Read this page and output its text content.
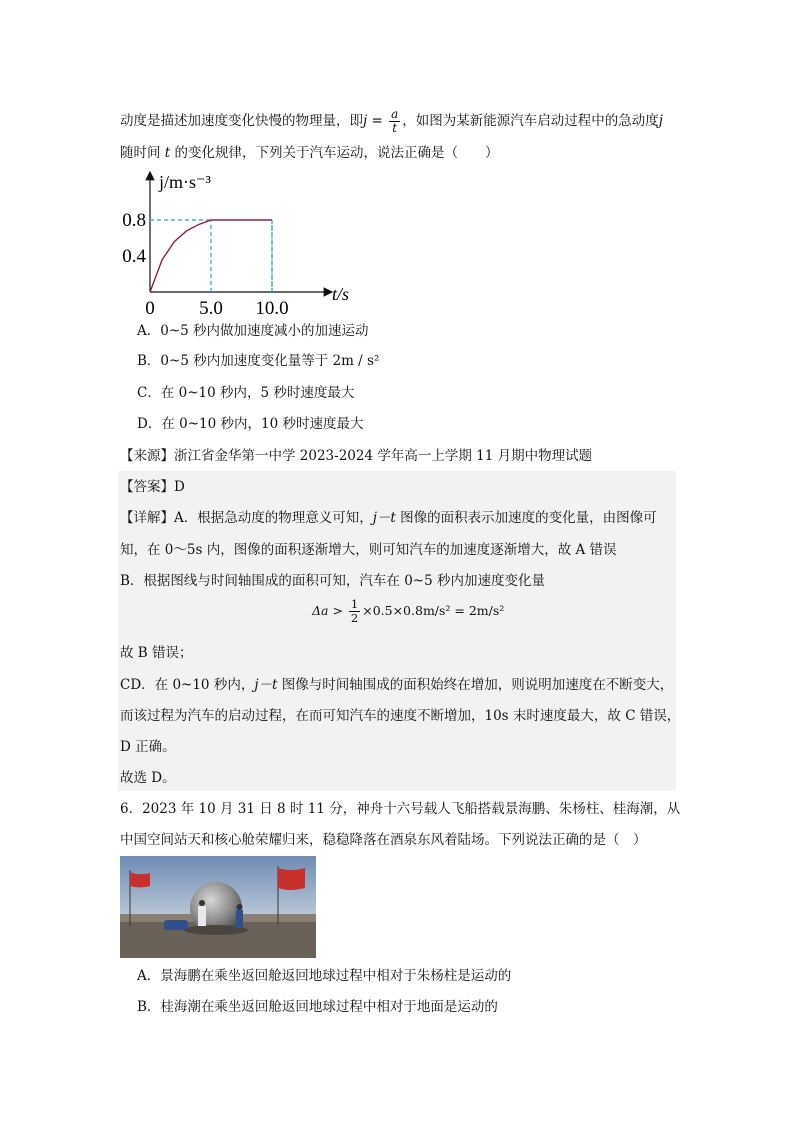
动度是描述加速度变化快慢的物理量，即$j = \frac{a}{t}$ ，如图为某新能源汽车启动过程中的急动度j
随时间 t 的变化规律，下列关于汽车运动，说法正确是（　　）
0 5.0 10.0
0.4
0.8
j/m·s⁻³
t/s
A．0~5 秒内做加速度减小的加速运动
B．0~5 秒内加速度变化量等于 2m / s²
C．在 0~10 秒内，5 秒时速度最大
D．在 0~10 秒内，10 秒时速度最大
【来源】浙江省金华第一中学 2023-2024 学年高一上学期 11 月期中物理试题
【答案】D
【详解】A．根据急动度的物理意义可知，j－t 图像的面积表示加速度的变化量，由图像可
知，在 0～5s 内，图像的面积逐渐增大，则可知汽车的加速度逐渐增大，故 A 错误
B．根据图线与时间轴围成的面积可知，汽车在 0~5 秒内加速度变化量
$\Delta a > \frac{1}{2} \times 0.5\times 0.8m/s^2 = 2m/s^2$
故 B 错误；
CD．在 0~10 秒内，j－t 图像与时间轴围成的面积始终在增加，则说明加速度在不断变大，
而该过程为汽车的启动过程，在而可知汽车的速度不断增加，10s 末时速度最大，故 C 错误，
D 正确。
故选 D。
6．2023 年 10 月 31 日 8 时 11 分，神舟十六号载人飞船搭载景海鹏、朱杨柱、桂海潮，从
中国空间站天和核心舱荣耀归来，稳稳降落在酒泉东风着陆场。下列说法正确的是（　）
A．景海鹏在乘坐返回舱返回地球过程中相对于朱杨柱是运动的
B．桂海潮在乘坐返回舱返回地球过程中相对于地面是运动的
